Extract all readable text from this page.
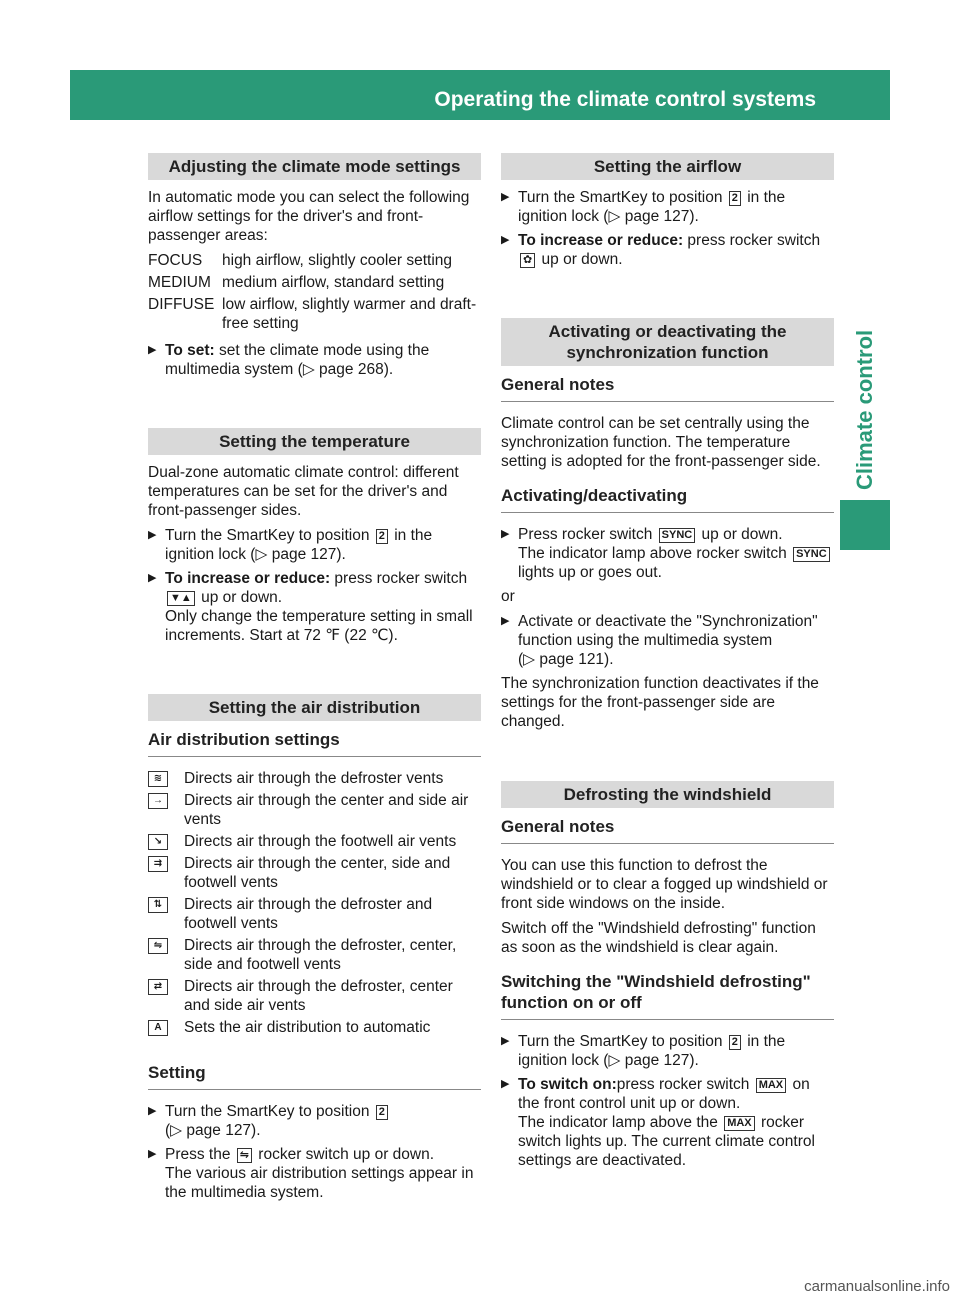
Operating the climate control systems	121
Climate control
Adjusting the climate mode settings

In automatic mode you can select the following airflow settings for the driver's and front-passenger areas:

FOCUS	high airflow, slightly cooler setting
MEDIUM medium airflow, standard setting
DIFFUSE low airflow, slightly warmer and draft-free setting
▶ To set: set the climate mode using the multimedia system (▷ page 268).
Setting the temperature

Dual-zone automatic climate control: different temperatures can be set for the driver's and front-passenger sides.

▶ Turn the SmartKey to position 2 in the ignition lock (▷ page 127).
▶ To increase or reduce: press rocker switch
▼▲ up or down.
Only change the temperature setting in small increments. Start at 72 ℉ (22 ℃).
Setting the air distribution
Air distribution settings
≋	Directs air through the defroster vents
→ Directs air through the center and side air vents
↘	Directs air through the footwell air vents
⇉	Directs air through the center, side and footwell vents
⇅	Directs air through the defroster and footwell vents
⇋	Directs air through the defroster, center, side and footwell vents
⇄	Directs air through the defroster, center and side air vents
A	Sets the air distribution to automatic
Setting
▶ Turn the SmartKey to position 2
(▷ page 127).
▶ Press the ⇋ rocker switch up or down.
The various air distribution settings appear in the multimedia system.
Setting the airflow
▶ Turn the SmartKey to position 2 in the ignition lock (▷ page 127).
▶ To increase or reduce: press rocker switch
✿ up or down.
Activating or deactivating the synchronization function
General notes

Climate control can be set centrally using the synchronization function. The temperature setting is adopted for the front-passenger side.

Activating/deactivating
▶ Press rocker switch SYNC up or down.
The indicator lamp above rocker switch SYNC
lights up or goes out.

or

▶ Activate or deactivate the "Synchronization" function using the multimedia system
(▷ page 121).

The synchronization function deactivates if the settings for the front-passenger side are changed.

Defrosting the windshield
General notes

You can use this function to defrost the windshield or to clear a fogged up windshield or front side windows on the inside.

Switch off the "Windshield defrosting" function as soon as the windshield is clear again.

Switching the "Windshield defrosting" function on or off
▶ Turn the SmartKey to position 2 in the ignition lock (▷ page 127).
▶ To switch on:press rocker switch MAX on the front control unit up or down.
The indicator lamp above the MAX rocker switch lights up. The current climate control settings are deactivated.
carmanualsonline.info
